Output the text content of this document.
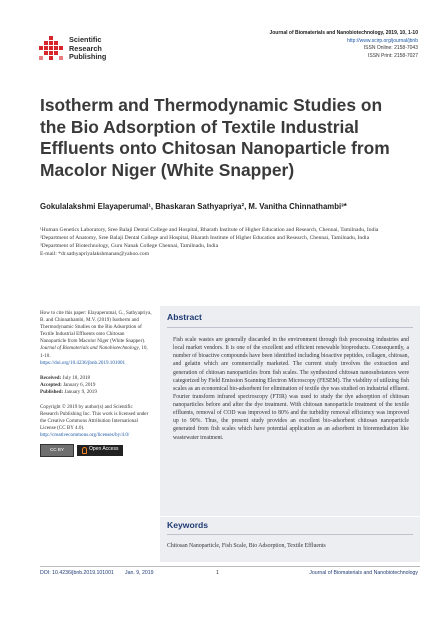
Scientific
Research
Publishing
Journal of Biomaterials and Nanobiotechnology, 2019, 10, 1-10
http://www.scirp.org/journal/jbnb
ISSN Online: 2158-7043
ISSN Print: 2158-7027
Isotherm and Thermodynamic Studies on the Bio Adsorption of Textile Industrial Effluents onto Chitosan Nanoparticle from Macolor Niger (White Snapper)
Gokulalakshmi Elayaperumal¹, Bhaskaran Sathyapriya², M. Vanitha Chinnathambi³*

¹Human Genetics Laboratory, Sree Balaji Dental College and Hospital, Bharath Institute of Higher Education and Research, Chennai, Tamilnadu, India

²Department of Anatomy, Sree Balaji Dental College and Hospital, Bharath Institute of Higher Education and Research, Chennai, Tamilnadu, India

³Department of Biotechnology, Guru Nanak College Chennai, Tamilnadu, India

E-mail: *dr.sathyapriyalakshmanan@yahoo.com

How to cite this paper: Elayaperumal, G., Sathyapriya, B. and Chinnathambi, M.V. (2019) Isotherm and Thermodynamic Studies on the Bio Adsorption of Textile Industrial Effluents onto Chitosan Nanoparticle from Macolor Niger (White Snapper). Journal of Biomaterials and Nanobiotechnology, 10, 1-10.

https://doi.org/10.4236/jbnb.2019.101001

Received: July 18, 2018

Accepted: January 6, 2019

Published: January 9, 2019

Copyright © 2019 by author(s) and Scientific Research Publishing Inc. This work is licensed under the Creative Commons Attribution International License (CC BY 4.0).

http://creativecommons.org/licenses/by/4.0/

CC BY	Open Access
Abstract

Fish scale wastes are generally discarded in the environment through fish processing industries and local market vendors. It is one of the excellent and efficient renewable bioproducts. Consequently, a number of bioactive compounds have been identified including bioactive peptides, collagen, chitosan, and gelatin which are commercially marketed. The current study involves the extraction and generation of chitosan nanoparticles from fish scales. The synthesized chitosan nanosubstances were categorized by Field Emission Scanning Electron Microscopy (FESEM). The viability of utilizing fish scales as an economical bio-adsorbent for elimination of textile dye was studied on industrial effluent. Fourier transform infrared spectroscopy (FTIR) was used to study the dye adsorption of chitosan nanoparticles before and after the dye treatment. With chitosan nanoparticle treatment of the textile effluents, removal of COD was improved to 80% and the turbidity removal efficiency was improved up to 90%. Thus, the present study provides an excellent bio-adsorbent chitosan nanoparticle generated from fish scales which have potential application as an adsorbent in bioremediation like wastewater treatment.

Keywords
Chitosan Nanoparticle, Fish Scale, Bio Adsorption, Textile Effluents
DOI: 10.4236/jbnb.2019.101001 Jan. 9, 2019	1	Journal of Biomaterials and Nanobiotechnology
